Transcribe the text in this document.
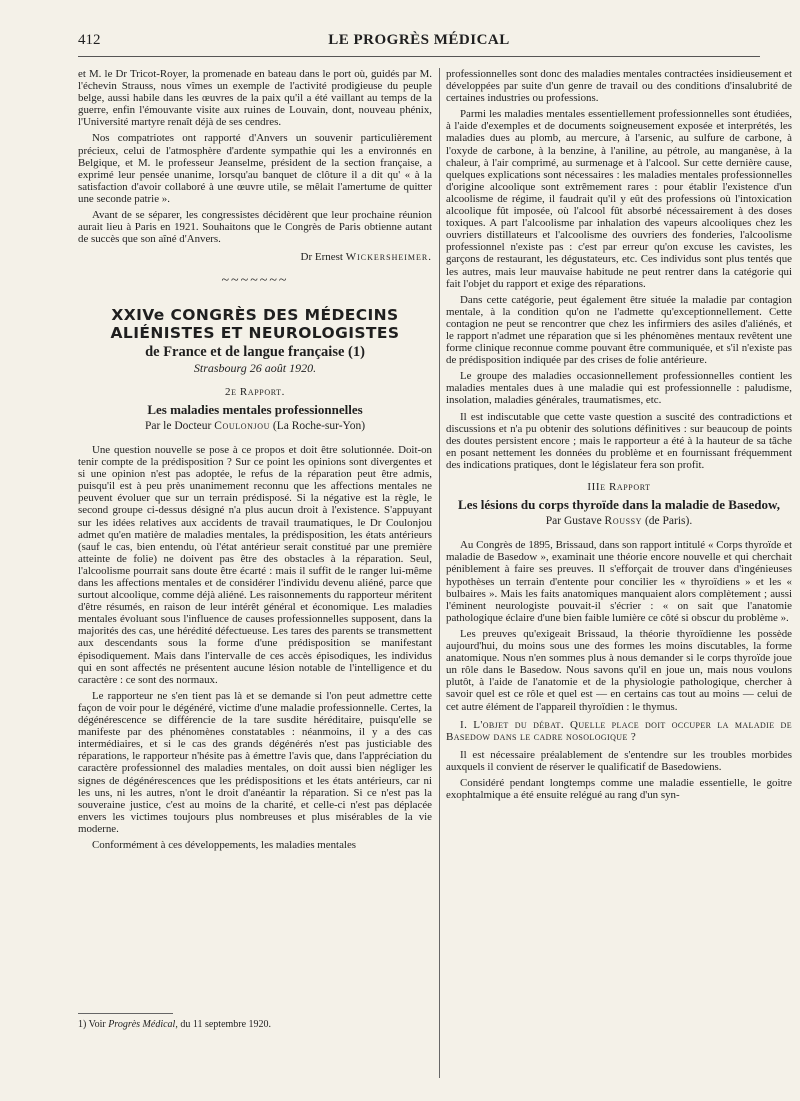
412	LE PROGRÈS MÉDICAL

et M. le Dr Tricot-Royer, la promenade en bateau dans le port où, guidés par M. l'échevin Strauss, nous vîmes un exemple de l'activité prodigieuse du peuple belge, aussi habile dans les œuvres de la paix qu'il a été vaillant au temps de la guerre, enfin l'émouvante visite aux ruines de Louvain, dont, nouveau phénix, l'Université martyre renaît déjà de ses cendres.

Nos compatriotes ont rapporté d'Anvers un souvenir particulièrement précieux, celui de l'atmosphère d'ardente sympathie qui les a environnés en Belgique, et M. le professeur Jeanselme, président de la section française, a exprimé leur pensée unanime, lorsqu'au banquet de clôture il a dit qu' « à la satisfaction d'avoir collaboré à une œuvre utile, se mêlait l'amertume de quitter une seconde patrie ».

Avant de se séparer, les congressistes décidèrent que leur prochaine réunion aurait lieu à Paris en 1921. Souhaitons que le Congrès de Paris obtienne autant de succès que son aîné d'Anvers.

Dr Ernest Wickersheimer.
~~~~~~~
XXIVe CONGRÈS DES MÉDECINS ALIÉNISTES ET NEUROLOGISTES
de France et de langue française (1)
Strasbourg 26 août 1920.
2e Rapport.
Les maladies mentales professionnelles
Par le Docteur Coulonjou (La Roche-sur-Yon)

Une question nouvelle se pose à ce propos et doit être solutionnée. Doit-on tenir compte de la prédisposition ? Sur ce point les opinions sont divergentes et si une opinion n'est pas adoptée, le refus de la réparation peut être admis, puisqu'il est à peu près unanimement reconnu que les affections mentales ne peuvent évoluer que sur un terrain prédisposé. Si la négative est la règle, le second groupe ci-dessus désigné n'a plus aucun droit à l'existence. S'appuyant sur les idées relatives aux accidents de travail traumatiques, le Dr Coulonjou admet qu'en matière de maladies mentales, la prédisposition, les états antérieurs (sauf le cas, bien entendu, où l'état antérieur serait constitué par une première atteinte de folie) ne doivent pas être des obstacles à la réparation. Seul, l'alcoolisme pourrait sans doute être écarté : mais il suffit de le ranger lui-même dans les affections mentales et de considérer l'individu devenu aliéné, parce que surtout alcoolique, comme déjà aliéné. Les raisonnements du rapporteur méritent d'être résumés, en raison de leur intérêt général et économique. Les maladies mentales évoluant sous l'influence de causes professionnelles supposent, dans la majorités des cas, une hérédité défectueuse. Les tares des parents se transmettent aux descendants sous la forme d'une prédisposition se manifestant épisodiquement. Mais dans l'intervalle de ces accès épisodiques, les individus qui en sont affectés ne présentent aucune lésion notable de l'intelligence et du caractère : ce sont des normaux.

Le rapporteur ne s'en tient pas là et se demande si l'on peut admettre cette façon de voir pour le dégénéré, victime d'une maladie professionnelle. Certes, la dégénérescence se différencie de la tare susdite héréditaire, puisqu'elle se manifeste par des phénomènes constatables : néanmoins, il y a des cas intermédiaires, et si le cas des grands dégénérés n'est pas justiciable des réparations, le rapporteur n'hésite pas à émettre l'avis que, dans l'appréciation du caractère professionnel des maladies mentales, on doit aussi bien négliger les signes de dégénérescences que les prédispositions et les états antérieurs, car ni les uns, ni les autres, n'ont le droit d'anéantir la réparation. Si ce n'est pas la souveraine justice, c'est au moins de la charité, et celle-ci n'est pas déplacée envers les victimes toujours plus nombreuses et plus misérables de la vie moderne.

Conformément à ces développements, les maladies mentales

professionnelles sont donc des maladies mentales contractées insidieusement et développées par suite d'un genre de travail ou des conditions d'insalubrité de certaines industries ou professions.

Parmi les maladies mentales essentiellement professionnelles sont étudiées, à l'aide d'exemples et de documents soigneusement exposée et interprétés, les maladies dues au plomb, au mercure, à l'arsenic, au sulfure de carbone, à l'oxyde de carbone, à la benzine, à l'aniline, au pétrole, au manganèse, à la chaleur, à l'air comprimé, au surmenage et à l'alcool. Sur cette dernière cause, quelques explications sont nécessaires : les maladies mentales professionnelles d'origine alcoolique sont extrêmement rares : pour établir l'existence d'un alcoolisme de régime, il faudrait qu'il y eût des professions où l'intoxication alcoolique fût imposée, où l'alcool fût absorbé nécessairement à des doses toxiques. A part l'alcoolisme par inhalation des vapeurs alcooliques chez les ouvriers distillateurs et l'alcoolisme des ouvriers des fonderies, l'alcoolisme professionnel n'existe pas : c'est par erreur qu'on excuse les cavistes, les garçons de restaurant, les dégustateurs, etc. Ces individus sont plus tentés que les autres, mais leur mauvaise habitude ne peut rentrer dans la catégorie qui fait l'objet du rapport et exige des réparations.

Dans cette catégorie, peut également être située la maladie par contagion mentale, à la condition qu'on ne l'admette qu'exceptionnellement. Cette contagion ne peut se rencontrer que chez les infirmiers des asiles d'aliénés, et le rapport n'admet une réparation que si les phénomènes mentaux revêtent une forme clinique reconnue comme pouvant être communiquée, et s'il n'existe pas de prédisposition indiquée par des crises de folie antérieure.

Le groupe des maladies occasionnellement professionnelles contient les maladies mentales dues à une maladie qui est professionnelle : paludisme, insolation, maladies générales, traumatismes, etc.

Il est indiscutable que cette vaste question a suscité des contradictions et discussions et n'a pu obtenir des solutions définitives : sur beaucoup de points des doutes persistent encore ; mais le rapporteur a été à la hauteur de sa tâche en posant nettement les données du problème et en fournissant fréquemment des indications pratiques, dont le législateur fera son profit.

IIIe Rapport
Les lésions du corps thyroïde dans la maladie de Basedow,
Par Gustave Roussy (de Paris).

Au Congrès de 1895, Brissaud, dans son rapport intitulé « Corps thyroïde et maladie de Basedow », examinait une théorie encore nouvelle et qui cherchait péniblement à faire ses preuves. Il s'efforçait de trouver dans d'ingénieuses hypothèses un terrain d'entente pour concilier les « thyroïdiens » et les « bulbaires ». Mais les faits anatomiques manquaient alors complètement ; aussi l'éminent neurologiste pouvait-il s'écrier : « on sait que l'anatomie pathologique éclaire d'une bien faible lumière ce côté si obscur du problème ».

Les preuves qu'exigeait Brissaud, la théorie thyroïdienne les possède aujourd'hui, du moins sous une des formes les moins discutables, la forme anatomique. Nous n'en sommes plus à nous demander si le corps thyroïde joue un rôle dans le Basedow. Nous savons qu'il en joue un, mais nous voulons plutôt, à l'aide de l'anatomie et de la physiologie pathologique, chercher à savoir quel est ce rôle et quel est — en certains cas tout au moins — celui de cet autre élément de l'appareil thyroïdien : le thymus.

I. L'objet du débat. Quelle place doit occuper la maladie de Basedow dans le cadre nosologique ?

Il est nécessaire préalablement de s'entendre sur les troubles morbides auxquels il convient de réserver le qualificatif de Basedowiens.

Considéré pendant longtemps comme une maladie essentielle, le goitre exophtalmique a été ensuite relégué au rang d'un syn-

1) Voir Progrès Médical, du 11 septembre 1920.
